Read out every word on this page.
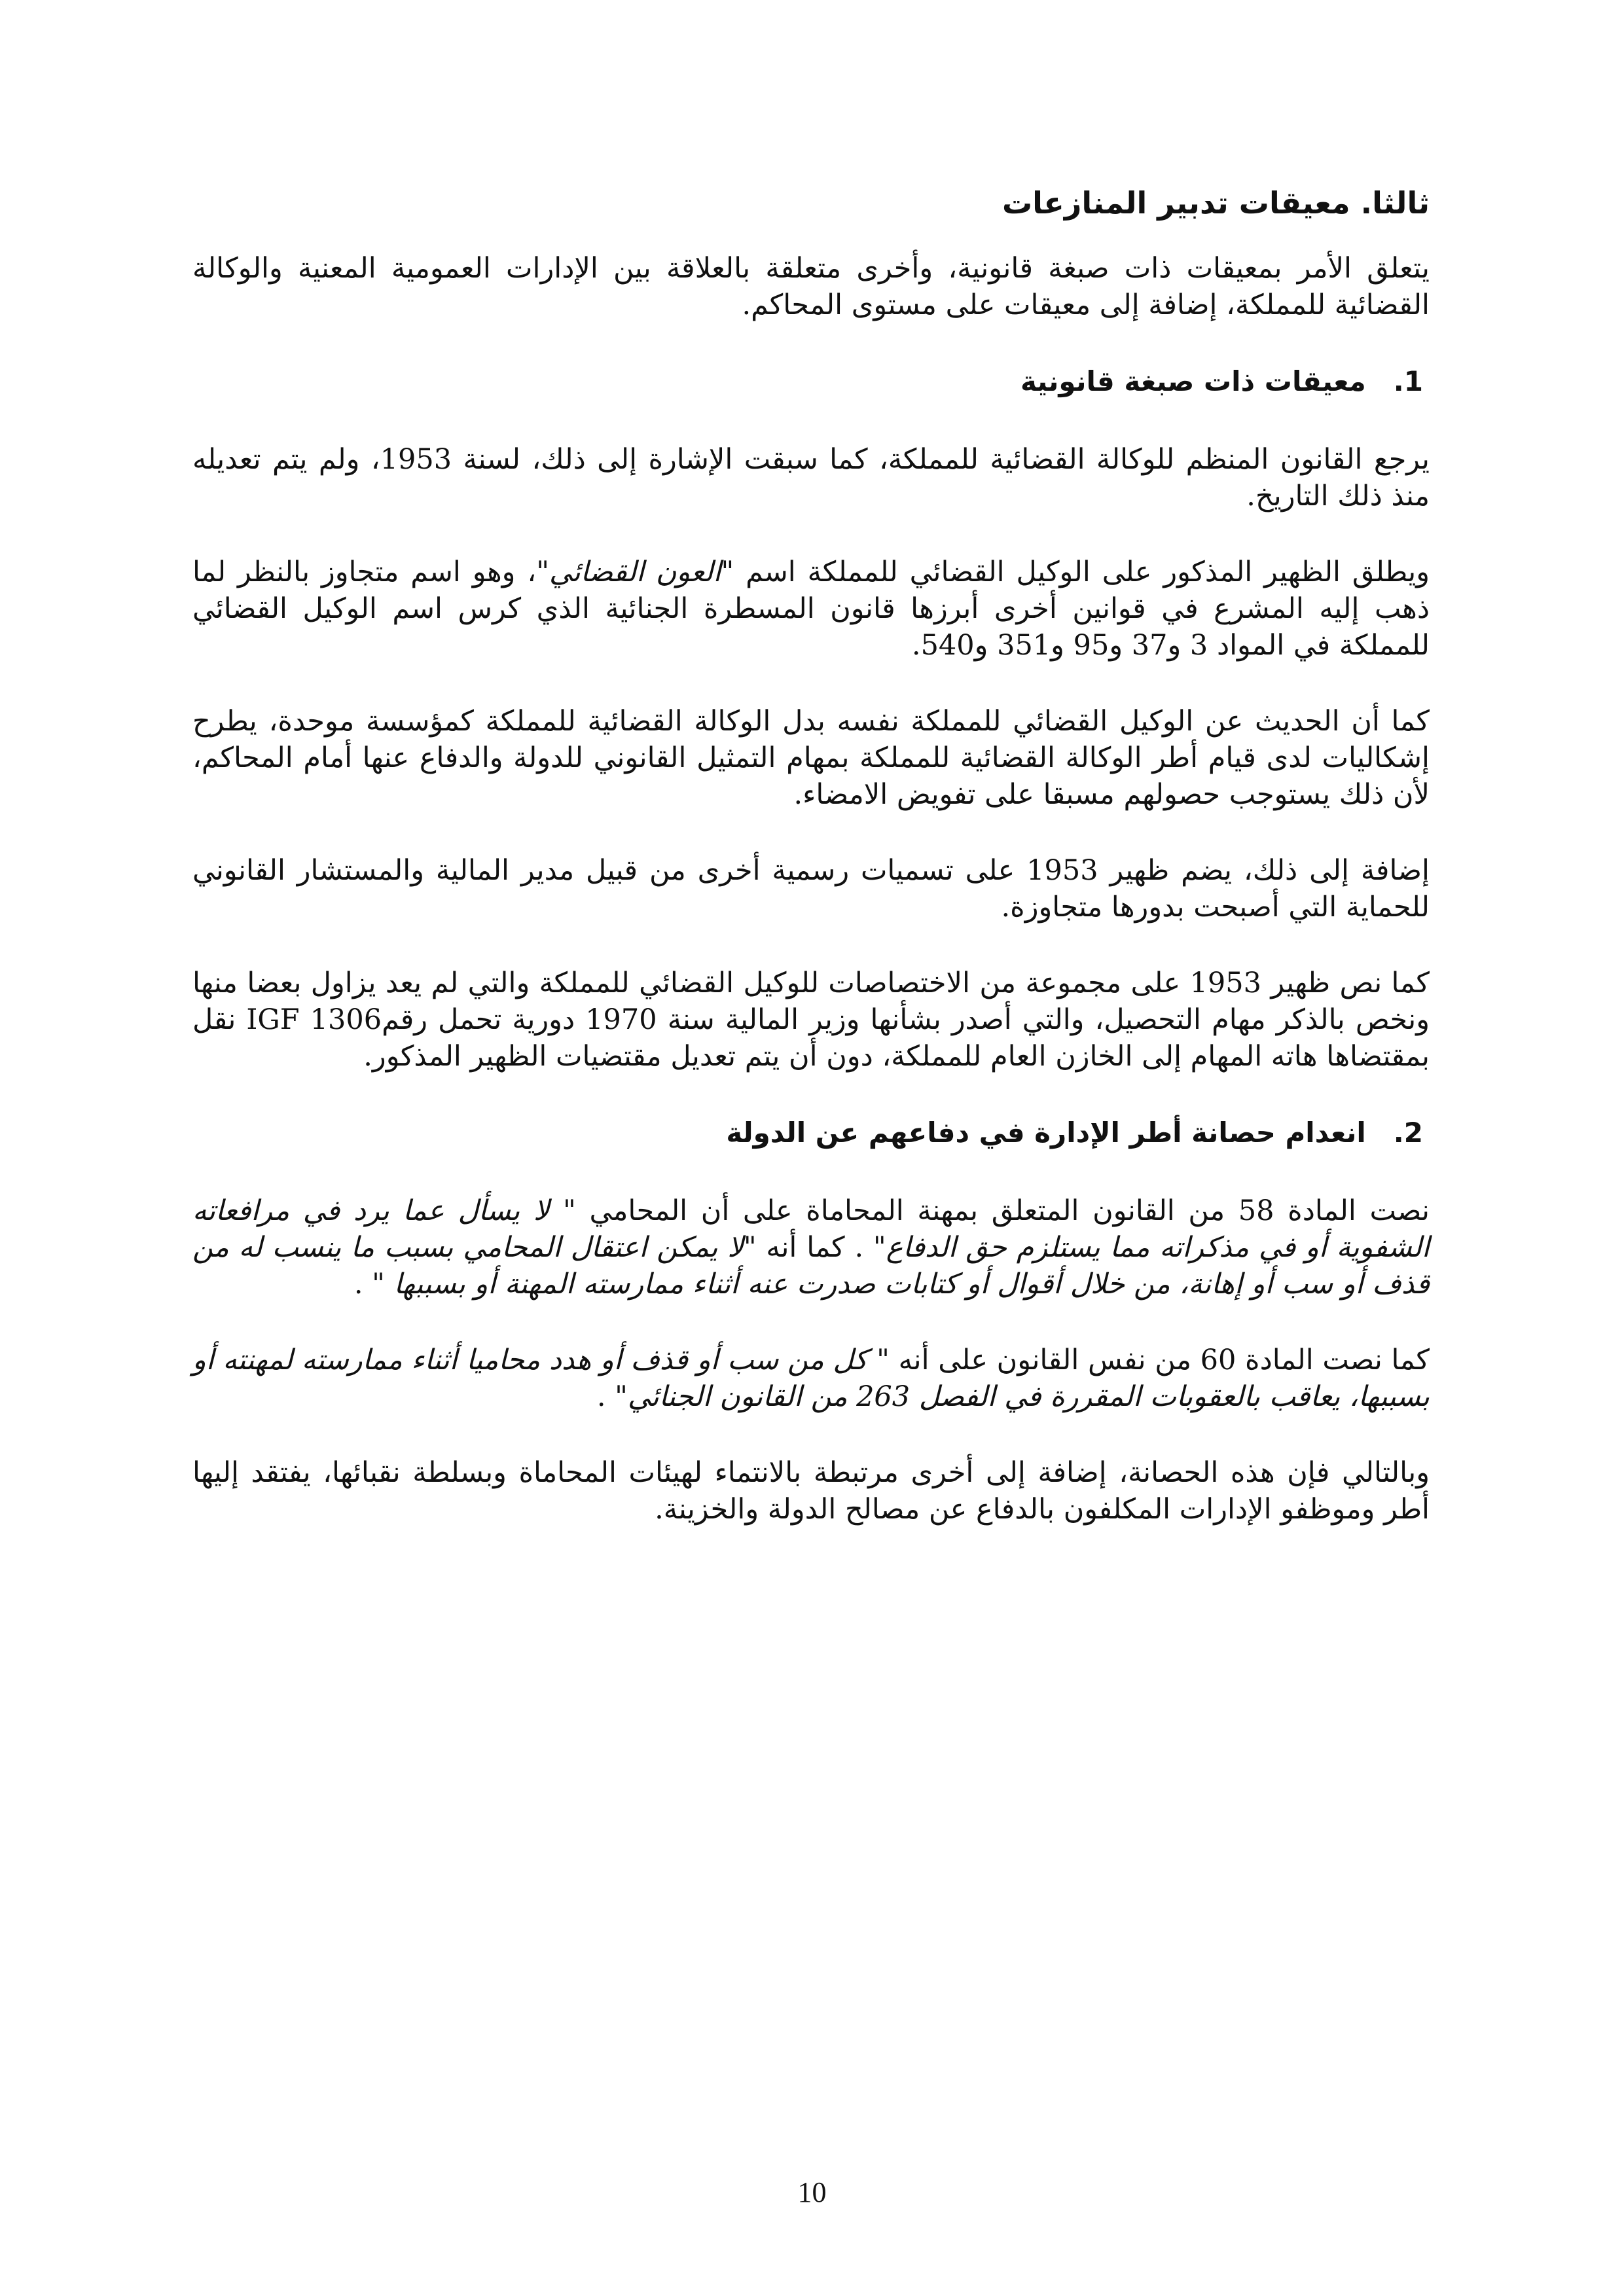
ثالثا. معيقات تدبير المنازعات

يتعلق الأمر بمعيقات ذات صبغة قانونية، وأخرى متعلقة بالعلاقة بين الإدارات العمومية المعنية والوكالة القضائية للمملكة، إضافة إلى معيقات على مستوى المحاكم.

1.معيقات ذات صبغة قانونية

يرجع القانون المنظم للوكالة القضائية للمملكة، كما سبقت الإشارة إلى ذلك، لسنة 1953، ولم يتم تعديله منذ ذلك التاريخ.

ويطلق الظهير المذكور على الوكيل القضائي للمملكة اسم "العون القضائي"، وهو اسم متجاوز بالنظر لما ذهب إليه المشرع في قوانين أخرى أبرزها قانون المسطرة الجنائية الذي كرس اسم الوكيل القضائي للمملكة في المواد 3 و37 و95 و351 و540.

كما أن الحديث عن الوكيل القضائي للمملكة نفسه بدل الوكالة القضائية للمملكة كمؤسسة موحدة، يطرح إشكاليات لدى قيام أطر الوكالة القضائية للمملكة بمهام التمثيل القانوني للدولة والدفاع عنها أمام المحاكم، لأن ذلك يستوجب حصولهم مسبقا على تفويض الامضاء.

إضافة إلى ذلك، يضم ظهير 1953 على تسميات رسمية أخرى من قبيل مدير المالية والمستشار القانوني للحماية التي أصبحت بدورها متجاوزة.

كما نص ظهير 1953 على مجموعة من الاختصاصات للوكيل القضائي للمملكة والتي لم يعد يزاول بعضا منها ونخص بالذكر مهام التحصيل، والتي أصدر بشأنها وزير المالية سنة 1970 دورية تحمل رقمIGF 1306 نقل بمقتضاها هاته المهام إلى الخازن العام للمملكة، دون أن يتم تعديل مقتضيات الظهير المذكور.

2.انعدام حصانة أطر الإدارة في دفاعهم عن الدولة

نصت المادة 58 من القانون المتعلق بمهنة المحاماة على أن المحامي " لا يسأل عما يرد في مرافعاته الشفوية أو في مذكراته مما يستلزم حق الدفاع" . كما أنه "لا يمكن اعتقال المحامي بسبب ما ينسب له من قذف أو سب أو إهانة، من خلال أقوال أو كتابات صدرت عنه أثناء ممارسته المهنة أو بسببها " .

كما نصت المادة 60 من نفس القانون على أنه " كل من سب أو قذف أو هدد محاميا أثناء ممارسته لمهنته أو بسببها، يعاقب بالعقوبات المقررة في الفصل 263 من القانون الجنائي" .

وبالتالي فإن هذه الحصانة، إضافة إلى أخرى مرتبطة بالانتماء لهيئات المحاماة وبسلطة نقبائها، يفتقد إليها أطر وموظفو الإدارات المكلفون بالدفاع عن مصالح الدولة والخزينة.

10
